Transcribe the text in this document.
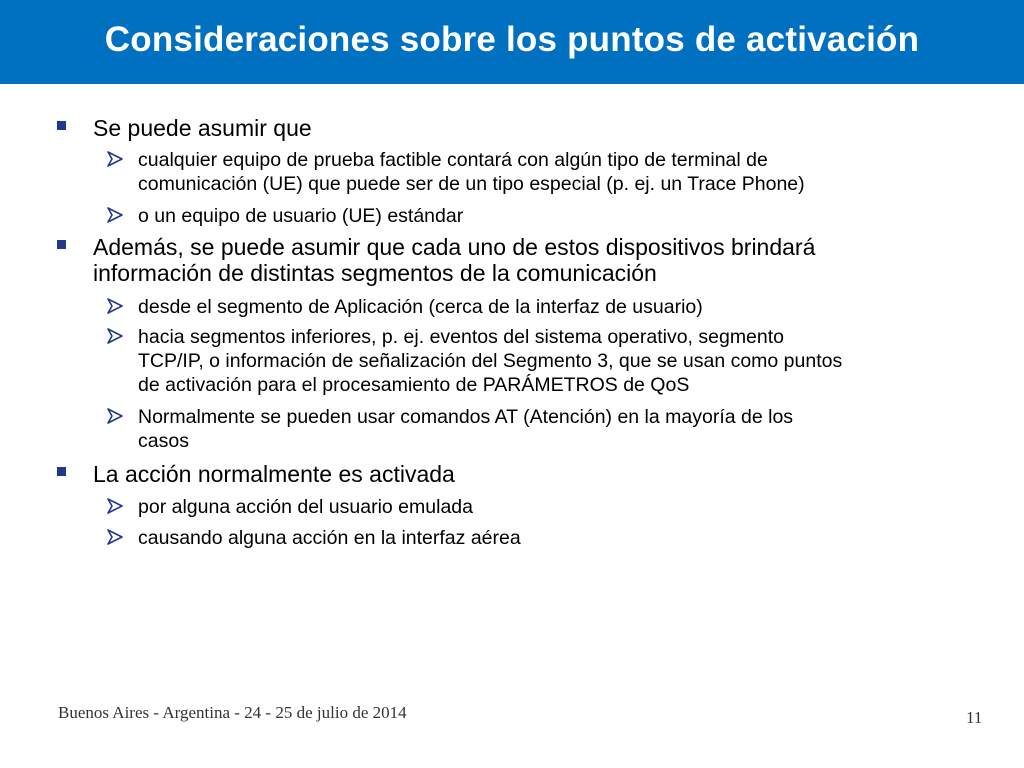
Consideraciones sobre los puntos de activación
Se puede asumir que
cualquier equipo de prueba factible contará con algún tipo de terminal de
comunicación (UE) que puede ser de un tipo especial (p. ej. un Trace Phone)
o un equipo de usuario (UE) estándar
Además, se puede asumir que cada uno de estos dispositivos brindará
información de distintas segmentos de la comunicación
desde el segmento de Aplicación (cerca de la interfaz de usuario)
hacia segmentos inferiores, p. ej. eventos del sistema operativo, segmento
TCP/IP, o información de señalización del Segmento 3, que se usan como puntos
de activación para el procesamiento de PARÁMETROS de QoS
Normalmente se pueden usar comandos AT (Atención) en la mayoría de los
casos
La acción normalmente es activada
por alguna acción del usuario emulada
causando alguna acción en la interfaz aérea
Buenos Aires - Argentina - 24 - 25 de julio de 2014	11
